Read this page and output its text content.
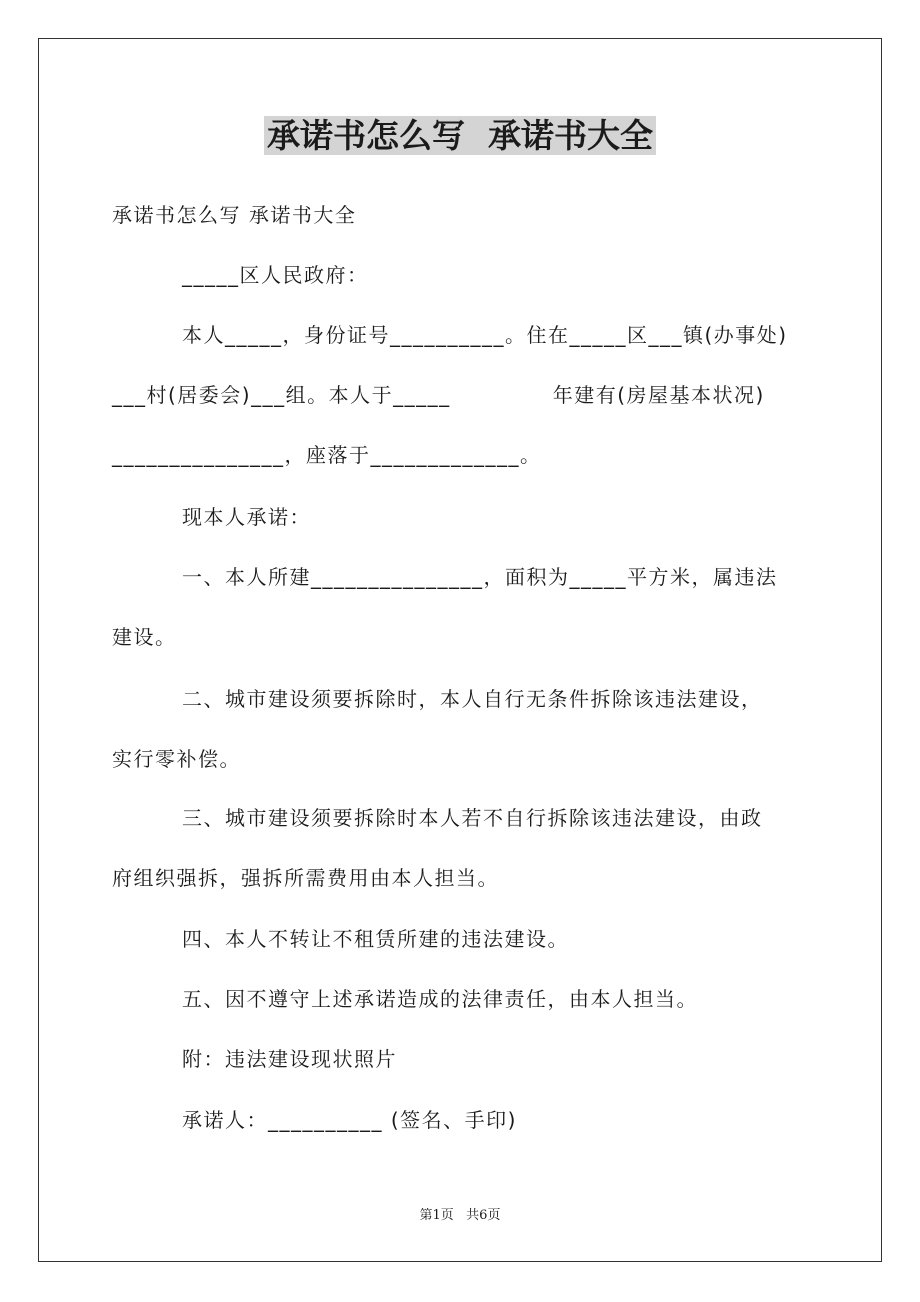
承诺书怎么写  承诺书大全
承诺书怎么写 承诺书大全
_____区人民政府：
本人_____，身份证号__________。住在_____区___镇(办事处)
___村(居委会)___组。本人于_____             年建有(房屋基本状况)
_______________，座落于_____________。
现本人承诺：
一、本人所建_______________，面积为_____平方米，属违法
建设。
二、城市建设须要拆除时，本人自行无条件拆除该违法建设，
实行零补偿。
三、城市建设须要拆除时本人若不自行拆除该违法建设，由政
府组织强拆，强拆所需费用由本人担当。
四、本人不转让不租赁所建的违法建设。
五、因不遵守上述承诺造成的法律责任，由本人担当。
附：违法建设现状照片
承诺人：__________ (签名、手印)
第1页   共6页
